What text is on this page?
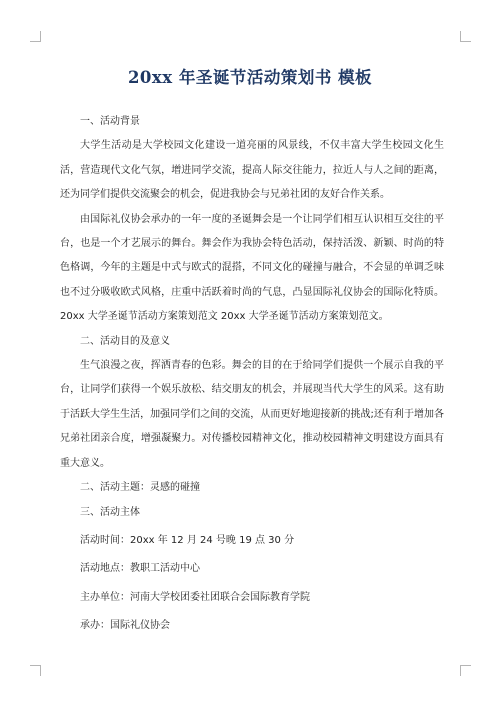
20xx 年圣诞节活动策划书 模板

一、活动背景

大学生活动是大学校园文化建设一道亮丽的风景线，不仅丰富大学生校园文化生活，营造现代文化气氛，增进同学交流，提高人际交往能力，拉近人与人之间的距离，还为同学们提供交流聚会的机会，促进我协会与兄弟社团的友好合作关系。

由国际礼仪协会承办的一年一度的圣诞舞会是一个让同学们相互认识相互交往的平台，也是一个才艺展示的舞台。舞会作为我协会特色活动，保持活泼、新颖、时尚的特色格调，今年的主题是中式与欧式的混搭，不同文化的碰撞与融合，不会显的单调乏味也不过分吸收欧式风格，庄重中活跃着时尚的气息，凸显国际礼仪协会的国际化特质。20xx 大学圣诞节活动方案策划范文 20xx 大学圣诞节活动方案策划范文。

二、活动目的及意义

生气浪漫之夜，挥洒青春的色彩。舞会的目的在于给同学们提供一个展示自我的平台，让同学们获得一个娱乐放松、结交朋友的机会，并展现当代大学生的风采。这有助于活跃大学生生活，加强同学们之间的交流，从而更好地迎接新的挑战;还有利于增加各兄弟社团亲合度，增强凝聚力。对传播校园精神文化，推动校园精神文明建设方面具有重大意义。

二、活动主题：灵感的碰撞

三、活动主体

活动时间：20xx 年 12 月 24 号晚 19 点 30 分

活动地点：教职工活动中心

主办单位：河南大学校团委社团联合会国际教育学院

承办：国际礼仪协会
